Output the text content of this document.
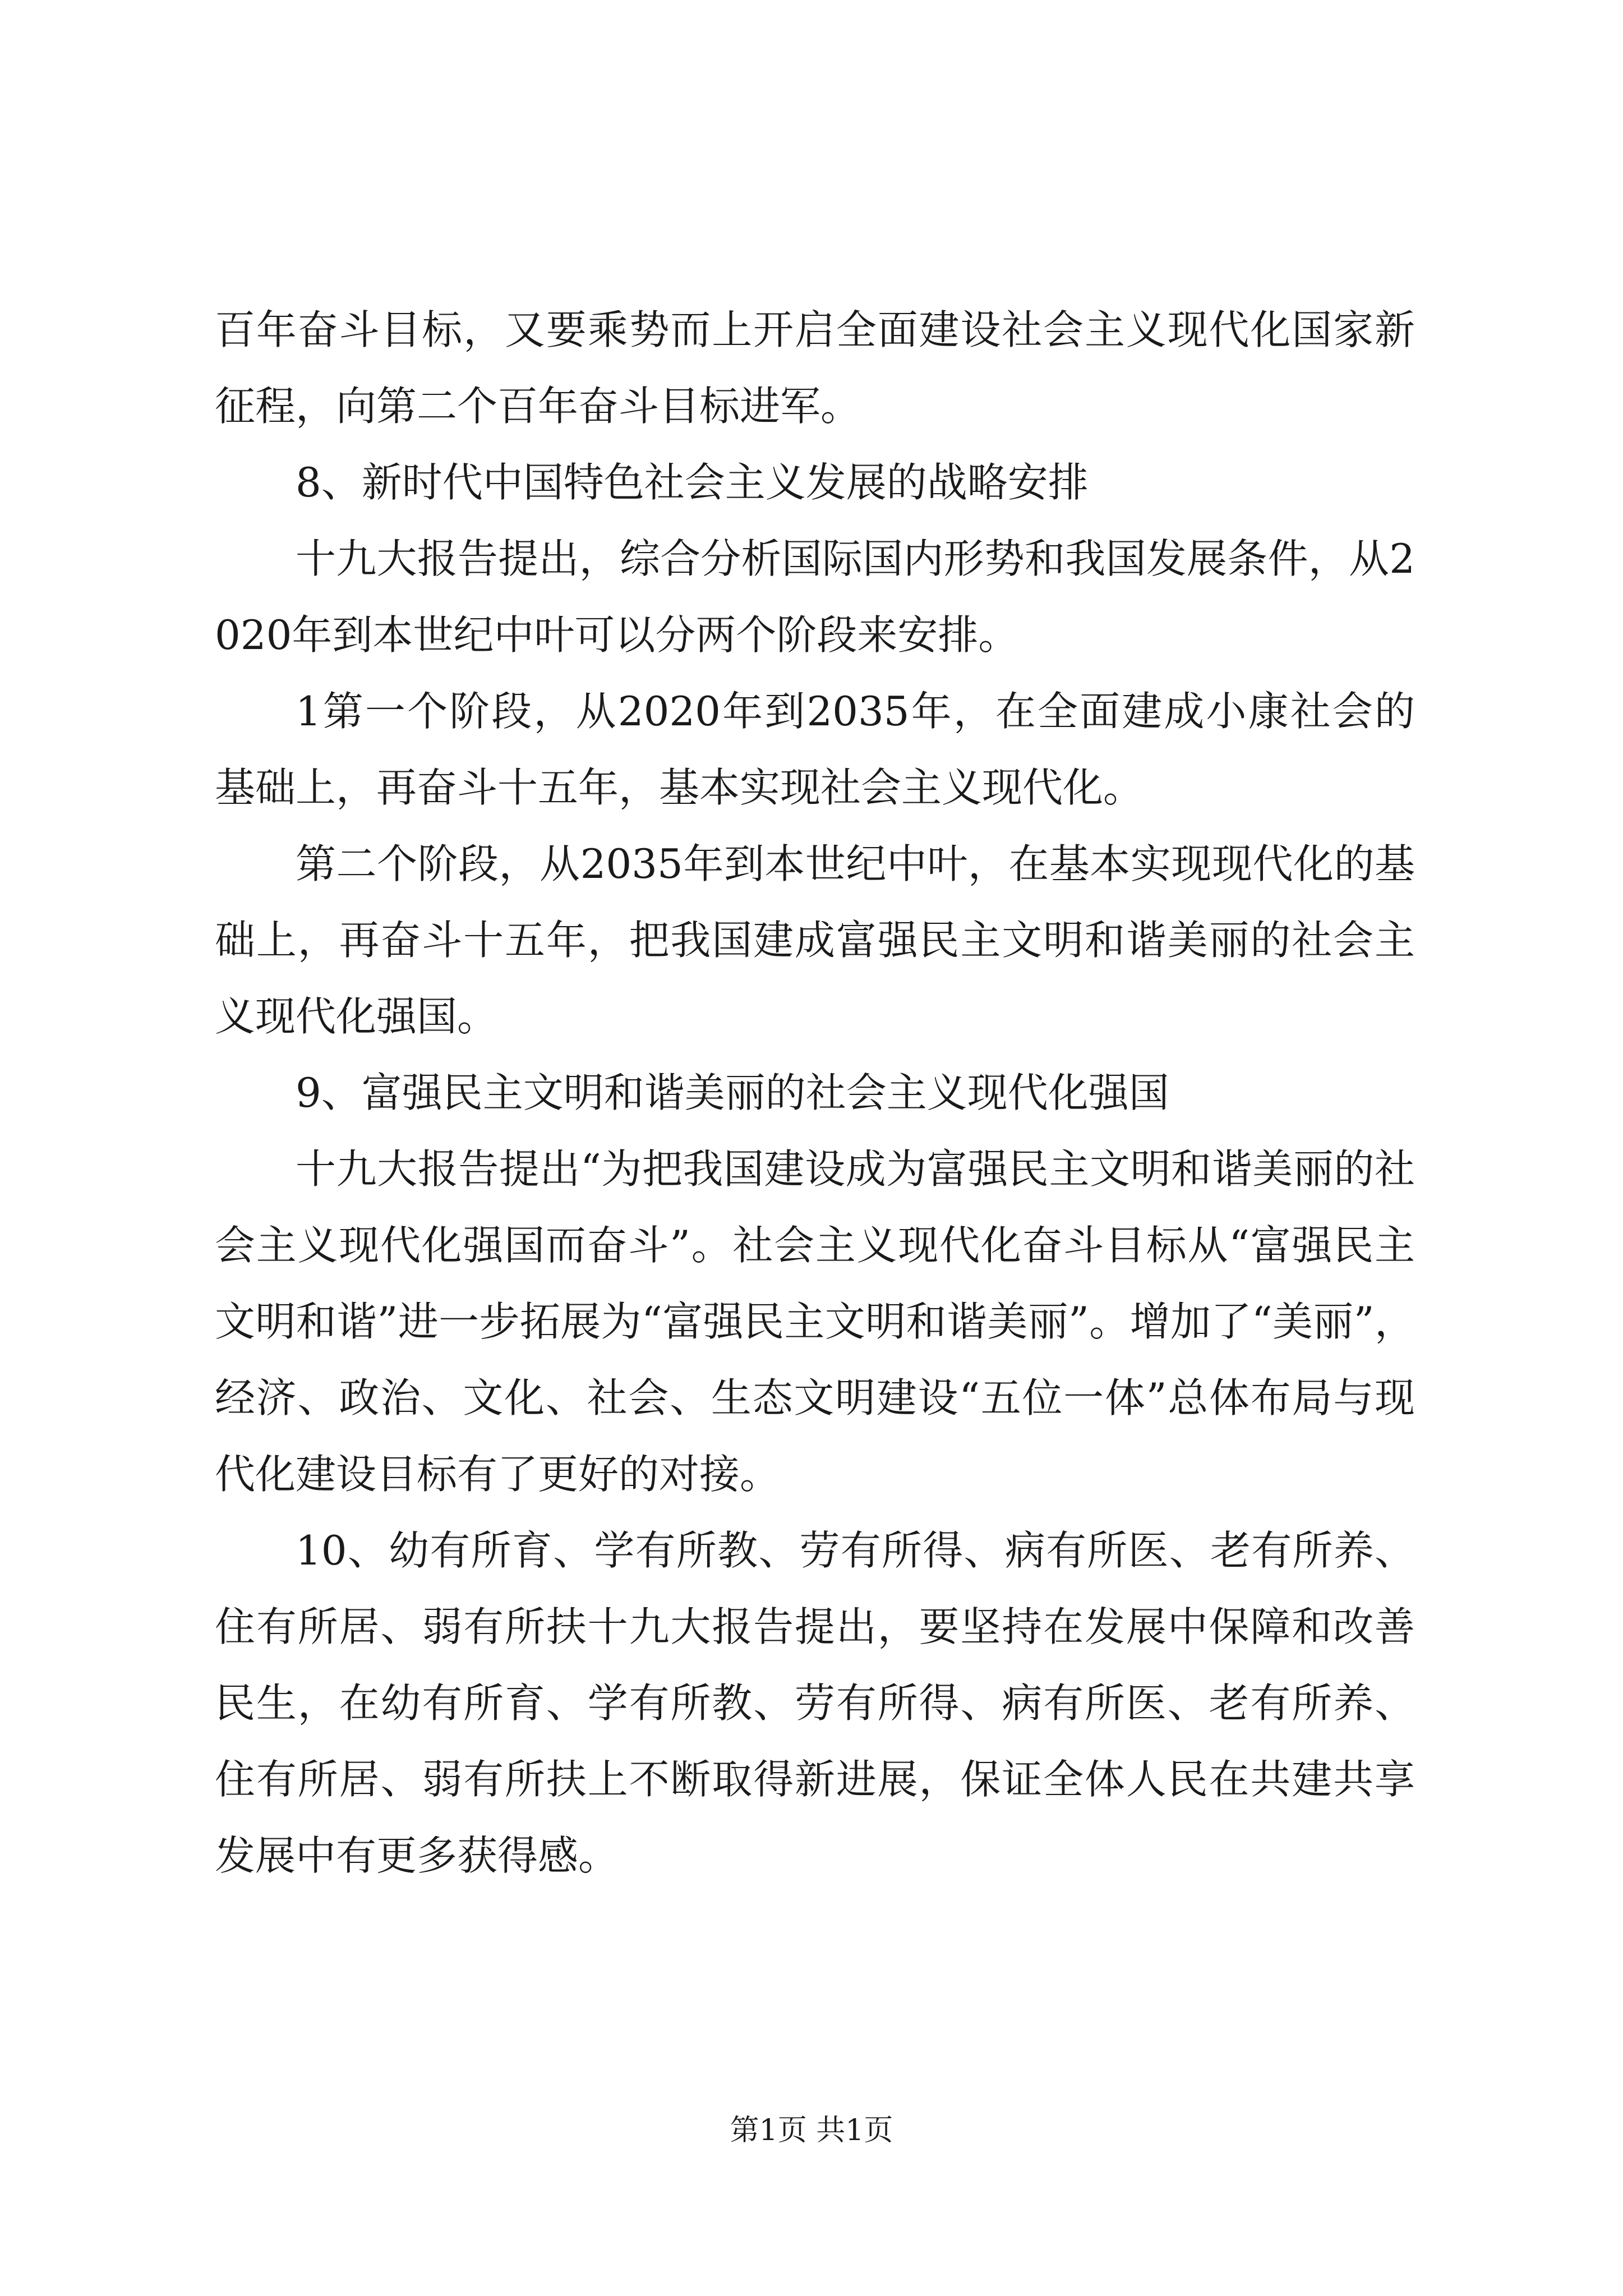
百年奋斗目标，又要乘势而上开启全面建设社会主义现代化国家新征程，向第二个百年奋斗目标进军。

8、新时代中国特色社会主义发展的战略安排

十九大报告提出，综合分析国际国内形势和我国发展条件，从2020年到本世纪中叶可以分两个阶段来安排。

1第一个阶段，从2020年到2035年，在全面建成小康社会的基础上，再奋斗十五年，基本实现社会主义现代化。

第二个阶段，从2035年到本世纪中叶，在基本实现现代化的基础上，再奋斗十五年，把我国建成富强民主文明和谐美丽的社会主义现代化强国。

9、富强民主文明和谐美丽的社会主义现代化强国

十九大报告提出“为把我国建设成为富强民主文明和谐美丽的社会主义现代化强国而奋斗”。社会主义现代化奋斗目标从“富强民主文明和谐”进一步拓展为“富强民主文明和谐美丽”。增加了“美丽”，经济、政治、文化、社会、生态文明建设“五位一体”总体布局与现代化建设目标有了更好的对接。

10、幼有所育、学有所教、劳有所得、病有所医、老有所养、住有所居、弱有所扶十九大报告提出，要坚持在发展中保障和改善民生，在幼有所育、学有所教、劳有所得、病有所医、老有所养、住有所居、弱有所扶上不断取得新进展，保证全体人民在共建共享发展中有更多获得感。

第1页 共1页
